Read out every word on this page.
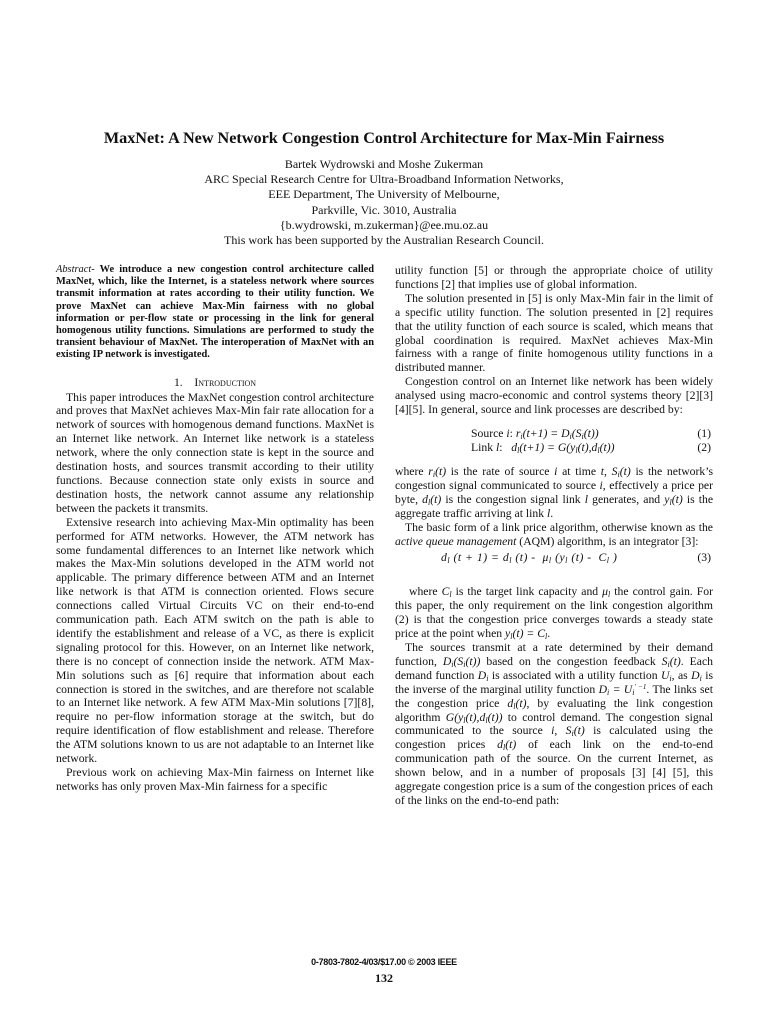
MaxNet: A New Network Congestion Control Architecture for Max-Min Fairness
Bartek Wydrowski and Moshe Zukerman
ARC Special Research Centre for Ultra-Broadband Information Networks,
EEE Department, The University of Melbourne,
Parkville, Vic. 3010, Australia
{b.wydrowski, m.zukerman}@ee.mu.oz.au
This work has been supported by the Australian Research Council.

Abstract- We introduce a new congestion control architecture called MaxNet, which, like the Internet, is a stateless network where sources transmit information at rates according to their utility function. We prove MaxNet can achieve Max-Min fairness with no global information or per-flow state or processing in the link for general homogenous utility functions. Simulations are performed to study the transient behaviour of MaxNet. The interoperation of MaxNet with an existing IP network is investigated.

1. Introduction

This paper introduces the MaxNet congestion control architecture and proves that MaxNet achieves Max-Min fair rate allocation for a network of sources with homogenous demand functions. MaxNet is an Internet like network. An Internet like network is a stateless network, where the only connection state is kept in the source and destination hosts, and sources transmit according to their utility functions. Because connection state only exists in source and destination hosts, the network cannot assume any relationship between the packets it transmits.

Extensive research into achieving Max-Min optimality has been performed for ATM networks. However, the ATM network has some fundamental differences to an Internet like network which makes the Max-Min solutions developed in the ATM world not applicable. The primary difference between ATM and an Internet like network is that ATM is connection oriented. Flows secure connections called Virtual Circuits VC on their end-to-end communication path. Each ATM switch on the path is able to identify the establishment and release of a VC, as there is explicit signaling protocol for this. However, on an Internet like network, there is no concept of connection inside the network. ATM Max-Min solutions such as [6] require that information about each connection is stored in the switches, and are therefore not scalable to an Internet like network. A few ATM Max-Min solutions [7][8], require no per-flow information storage at the switch, but do require identification of flow establishment and release. Therefore the ATM solutions known to us are not adaptable to an Internet like network.

Previous work on achieving Max-Min fairness on Internet like networks has only proven Max-Min fairness for a specific

utility function [5] or through the appropriate choice of utility functions [2] that implies use of global information.

The solution presented in [5] is only Max-Min fair in the limit of a specific utility function. The solution presented in [2] requires that the utility function of each source is scaled, which means that global coordination is required. MaxNet achieves Max-Min fairness with a range of finite homogenous utility functions in a distributed manner.

Congestion control on an Internet like network has been widely analysed using macro-economic and control systems theory [2][3][4][5]. In general, source and link processes are described by:

Source i: $r_i(t+1) = D_i(S_i(t))$	(1)
Link l:   $d_l(t+1) = G(y_l(t),d_l(t))$	(2)

where $r_i(t)$ is the rate of source i at time t, $S_i(t)$ is the network’s congestion signal communicated to source i, effectively a price per byte, $d_l(t)$ is the congestion signal link l generates, and $y_l(t)$ is the aggregate traffic arriving at link l.

The basic form of a link price algorithm, otherwise known as the active queue management (AQM) algorithm, is an integrator [3]:

$d_l$ $(t + 1) = d_l$ $(t) - \mu_l$ ($y_l$ $(t) - C_l$ )	(3)

where $C_l$ is the target link capacity and $\mu_l$ the control gain. For this paper, the only requirement on the link congestion algorithm (2) is that the congestion price converges towards a steady state price at the point when $y_l(t) = C_l$.

The sources transmit at a rate determined by their demand function, $D_i(S_i(t))$ based on the congestion feedback $S_i(t)$. Each demand function $D_i$ is associated with a utility function $U_i$, as $D_i$ is the inverse of the marginal utility function $D_i = U_i^{' -1}$. The links set the congestion price $d_l(t)$, by evaluating the link congestion algorithm $G(y_l(t),d_l(t))$ to control demand. The congestion signal communicated to the source i, $S_i(t)$ is calculated using the congestion prices $d_l(t)$ of each link on the end-to-end communication path of the source. On the current Internet, as shown below, and in a number of proposals [3] [4] [5], this aggregate congestion price is a sum of the congestion prices of each of the links on the end-to-end path:

0-7803-7802-4/03/$17.00 © 2003 IEEE
132
